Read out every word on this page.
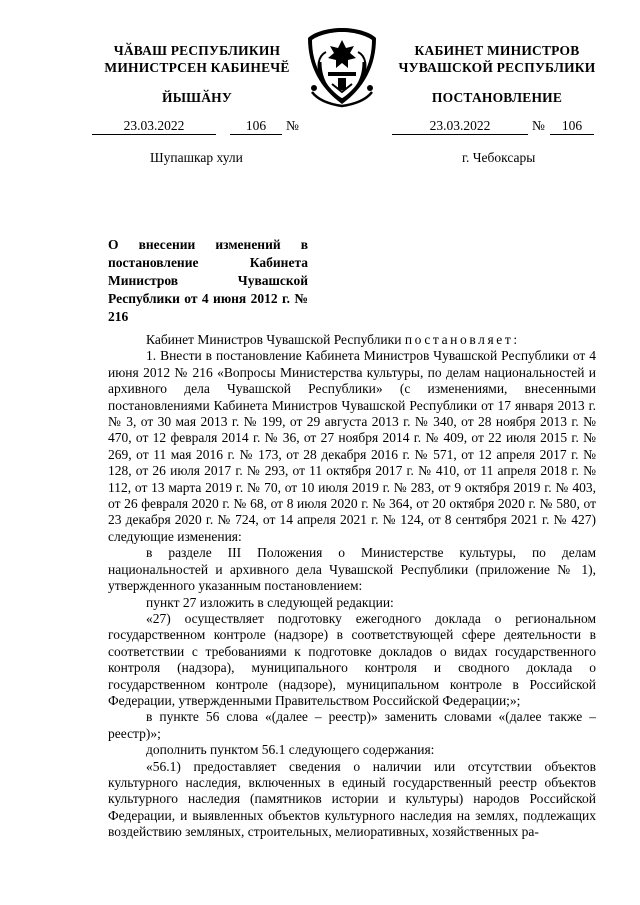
ЧӐВАШ РЕСПУБЛИКИН
МИНИСТРСЕН КАБИНЕЧӖ
КАБИНЕТ МИНИСТРОВ
ЧУВАШСКОЙ РЕСПУБЛИКИ
ЙЫШӐНУ	ПОСТАНОВЛЕНИЕ
23.03.2022	106	№	23.03.2022	№	106
Шупашкар хули	г. Чебоксары
О внесении изменений в постановление Кабинета Министров Чувашской Республики от 4 июня 2012 г. № 216

Кабинет Министров Чувашской Республики постановляет:

1. Внести в постановление Кабинета Министров Чувашской Республики от 4 июня 2012 № 216 «Вопросы Министерства культуры, по делам национальностей и архивного дела Чувашской Республики» (с изменениями, внесенными постановлениями Кабинета Министров Чувашской Республики от 17 января 2013 г. № 3, от 30 мая 2013 г. № 199, от 29 августа 2013 г. № 340, от 28 ноября 2013 г. № 470, от 12 февраля 2014 г. № 36, от 27 ноября 2014 г. № 409, от 22 июля 2015 г. № 269, от 11 мая 2016 г. № 173, от 28 декабря 2016 г. № 571, от 12 апреля 2017 г. № 128, от 26 июля 2017 г. № 293, от 11 октября 2017 г. № 410, от 11 апреля 2018 г. № 112, от 13 марта 2019 г. № 70, от 10 июля 2019 г. № 283, от 9 октября 2019 г. № 403, от 26 февраля 2020 г. № 68, от 8 июля 2020 г. № 364, от 20 октября 2020 г. № 580, от 23 декабря 2020 г. № 724, от 14 апреля 2021 г. № 124, от 8 сентября 2021 г. № 427) следующие изменения:

в разделе III Положения о Министерстве культуры, по делам национальностей и архивного дела Чувашской Республики (приложение № 1), утвержденного указанным постановлением:

пункт 27 изложить в следующей редакции:

«27) осуществляет подготовку ежегодного доклада о региональном государственном контроле (надзоре) в соответствующей сфере деятельности в соответствии с требованиями к подготовке докладов о видах государственного контроля (надзора), муниципального контроля и сводного доклада о государственном контроле (надзоре), муниципальном контроле в Российской Федерации, утвержденными Правительством Российской Федерации;»;

в пункте 56 слова «(далее – реестр)» заменить словами «(далее также – реестр)»;

дополнить пунктом 56.1 следующего содержания:

«56.1) предоставляет сведения о наличии или отсутствии объектов культурного наследия, включенных в единый государственный реестр объектов культурного наследия (памятников истории и культуры) народов Российской Федерации, и выявленных объектов культурного наследия на землях, подлежащих воздействию земляных, строительных, мелиоративных, хозяйственных ра-
